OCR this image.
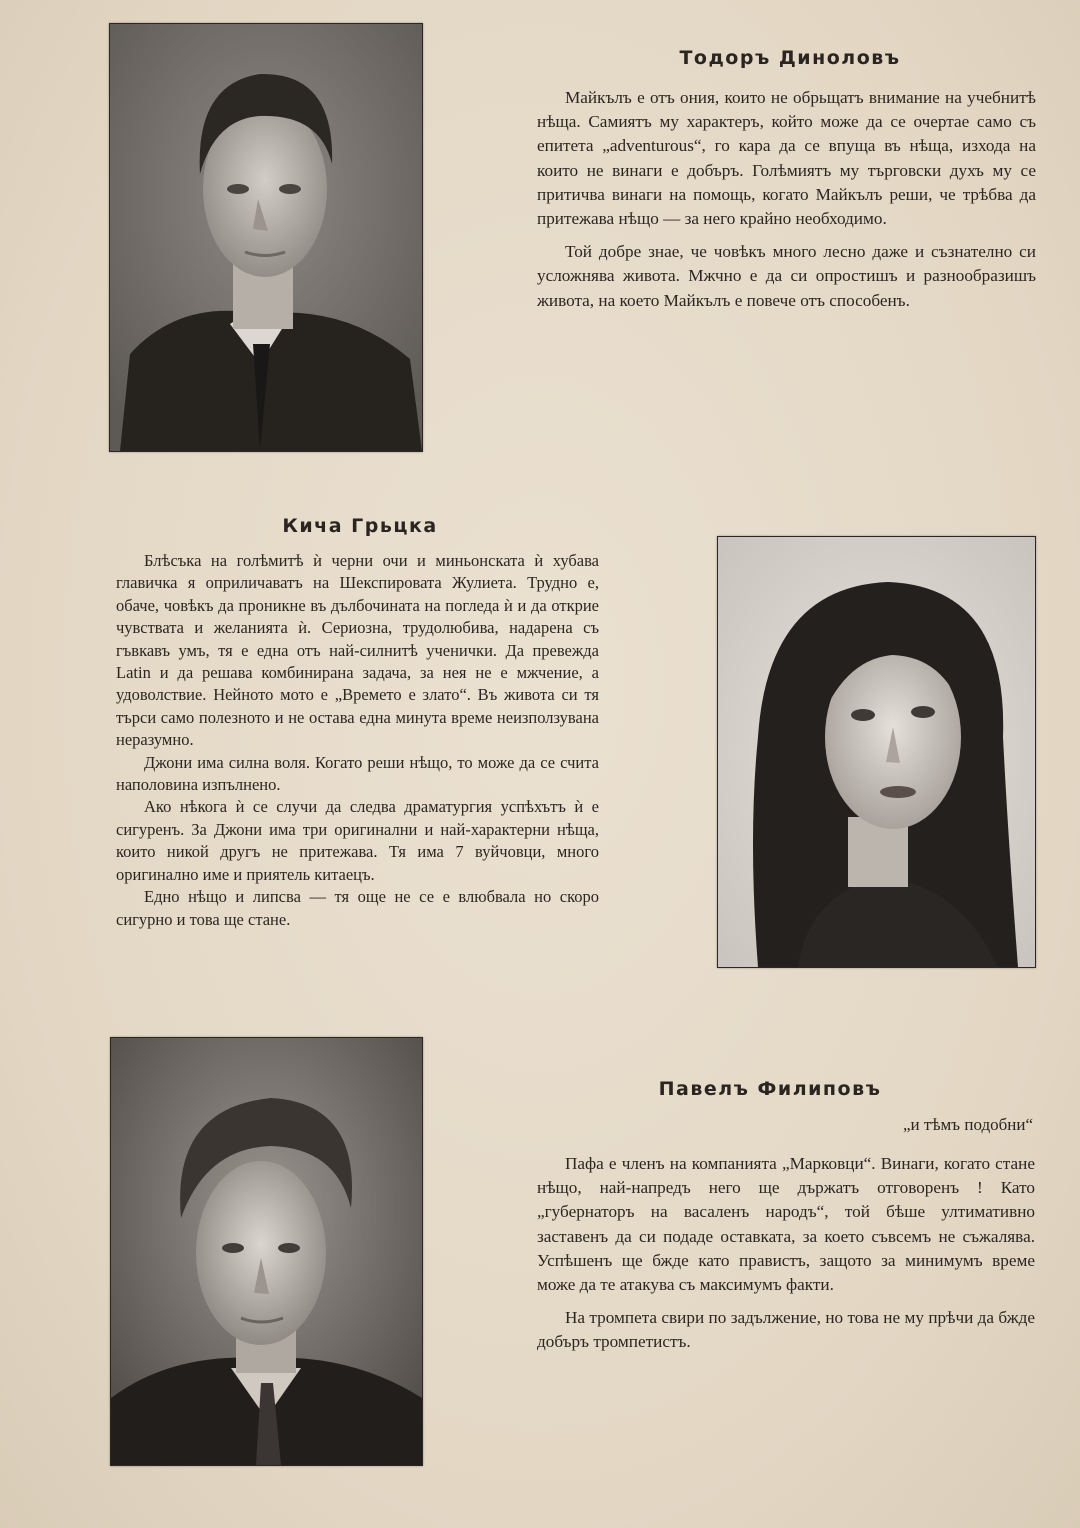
Тодоръ Диноловъ

Майкълъ е отъ ония, които не обрьщатъ внимание на учебнитѣ нѣща. Самиятъ му характеръ, който може да се очертае само съ епитета „adventurous“, го кара да се впуща въ нѣща, изхода на които не винаги е добъръ. Голѣмиятъ му търговски духъ му се притичва винаги на помощь, когато Майкълъ реши, че трѣбва да притежава нѣщо — за него крайно необходимо.

Той добре знае, че човѣкъ много лесно даже и съзнателно си усложнява живота. Мжчно е да си опростишъ и разнообразишъ живота, на което Майкълъ е повече отъ способенъ.

Кича Грьцка

Блѣсъка на голѣмитѣ ѝ черни очи и миньонската ѝ хубава главичка я оприличаватъ на Шекспировата Жулиета. Трудно е, обаче, човѣкъ да проникне въ дълбочината на погледа ѝ и да открие чувствата и желанията ѝ. Сериозна, трудолюбива, надарена съ гъвкавъ умъ, тя е една отъ най-силнитѣ ученички. Да превежда Latin и да решава комбинирана задача, за нея не е мжчение, а удоволствие. Нейното мото е „Времето е злато“. Въ живота си тя търси само полезното и не остава една минута време неизползувана неразумно.

Джони има силна воля. Когато реши нѣщо, то може да се счита наполовина изпълнено.

Ако нѣкога ѝ се случи да следва драматургия успѣхътъ ѝ е сигуренъ. За Джони има три оригинални и най-характерни нѣща, които никой другъ не притежава. Тя има 7 вуйчовци, много оригинално име и приятель китаецъ.

Едно нѣщо и липсва — тя още не се е влюбвала но скоро сигурно и това ще стане.

Павелъ Филиповъ
„и тѣмъ подобни“

Пафа е членъ на компанията „Марковци“. Винаги, когато стане нѣщо, най-напредъ него ще държатъ отговоренъ ! Като „губернаторъ на васаленъ народъ“, той бѣше ултимативно заставенъ да си подаде оставката, за което съвсемъ не съжалява. Успѣшенъ ще бжде като правистъ, защото за минимумъ време може да те атакува съ максимумъ факти.

На тромпета свири по задължение, но това не му прѣчи да бжде добъръ тромпетистъ.
